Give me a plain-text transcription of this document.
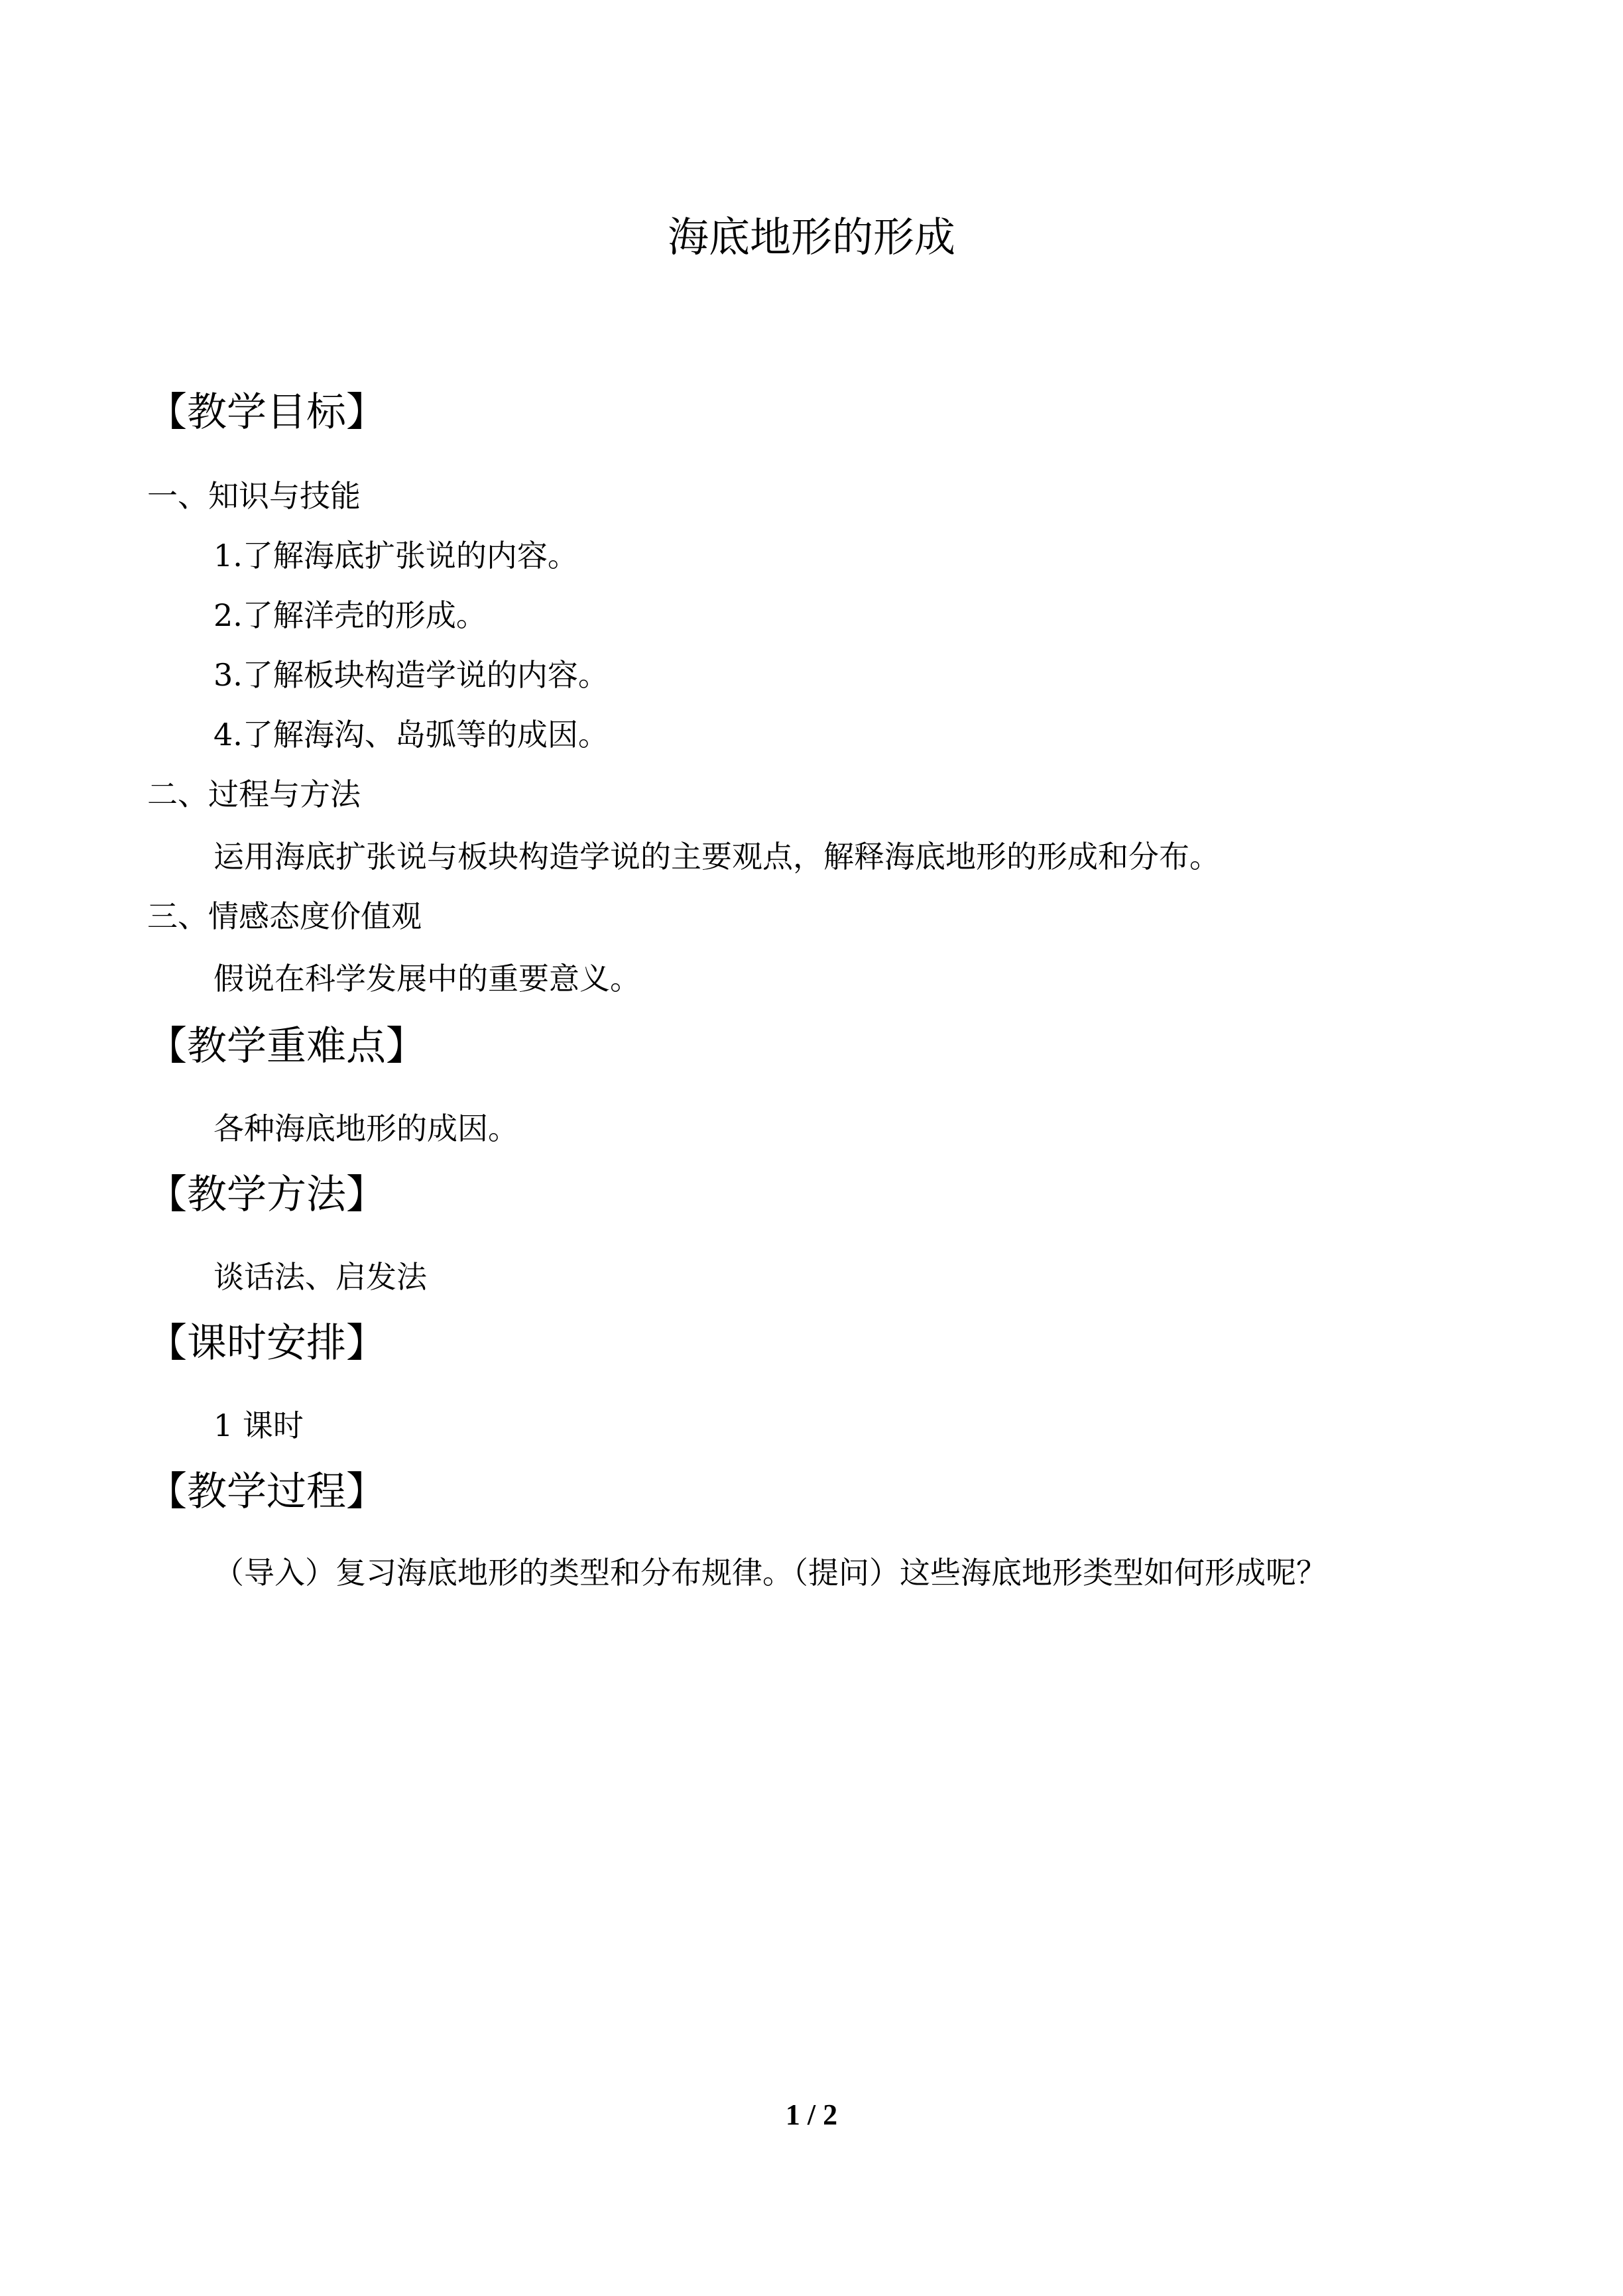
海底地形的形成
【教学目标】
一、知识与技能
1.了解海底扩张说的内容。
2.了解洋壳的形成。
3.了解板块构造学说的内容。
4.了解海沟、岛弧等的成因。
二、过程与方法
运用海底扩张说与板块构造学说的主要观点，解释海底地形的形成和分布。
三、情感态度价值观
假说在科学发展中的重要意义。
【教学重难点】
各种海底地形的成因。
【教学方法】
谈话法、启发法
【课时安排】
1 课时
【教学过程】
（导入）复习海底地形的类型和分布规律。（提问）这些海底地形类型如何形成呢？
1 / 2
